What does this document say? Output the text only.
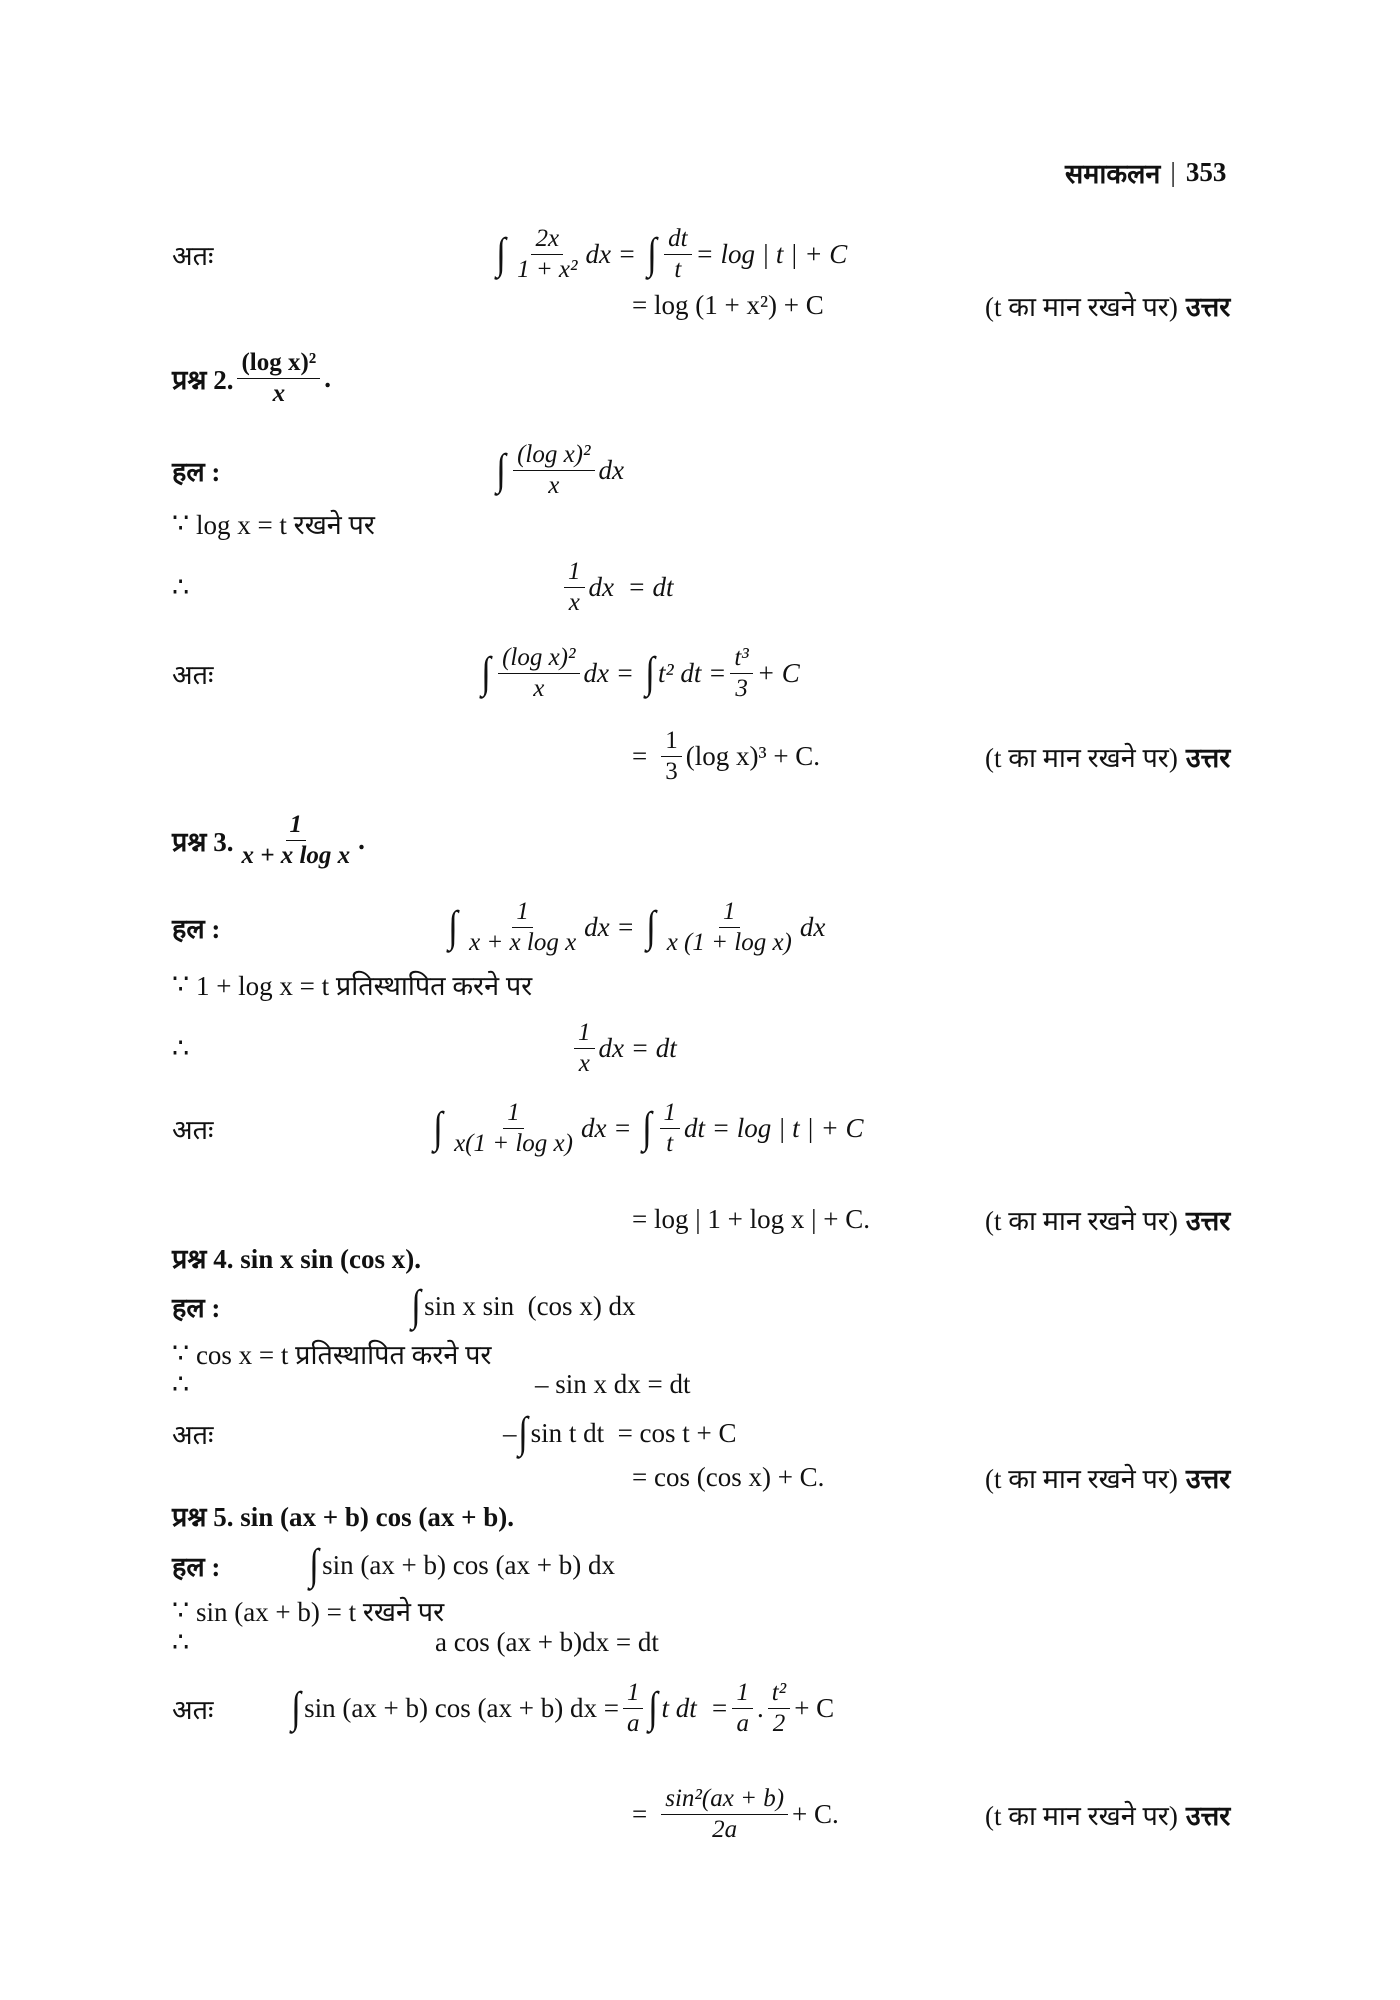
समाकलन | 353
अतः	∫ $\frac{2x}{\text{1 + x²}}$ dx = ∫ $\frac{dt}{t} = \log$ | t | + C
= log (1 + x²) + C	(t का मान रखने पर) उत्तर
प्रश्न 2. $\frac{\text{(log x)²}}{x}$ .
हल :	∫ $\frac{\text{(log x)²}}{x}$ dx
∵
log x = t रखने पर
∴	$\frac{1}{x}$ dx  = dt
अतः	∫ $\frac{\text{(log x)²}}{x}$ dx = ∫ t² dt = $\frac{\text{t³}}{3} + C$
= $\frac{1}{3} (\log$ x)³ + C.	(t का मान रखने पर) उत्तर
प्रश्न 3. $\frac{1}{\text{x + x log x}}$ .
हल :	∫ $\frac{1}{\text{x + x log x}}$ dx = ∫ $\frac{1}{\text{x (1 + log x)}}$ dx
∵
1 + log x = t प्रतिस्थापित करने पर
∴	$\frac{1}{x}$ dx = dt
अतः	∫ $\frac{1}{\text{x(1 + log x)}}$ dx = ∫ $\frac{1}{t}$ dt = log | t | + C
= log | 1 + log x | + C.	(t का मान रखने पर) उत्तर
प्रश्न 4. sin x sin (cos x).
हल :	∫ sin x sin  (cos x) dx
∵
cos x = t प्रतिस्थापित करने पर
∴	– sin x dx = dt
अतः	– ∫ sin t dt  = cos t + C
= cos (cos x) + C.	(t का मान रखने पर) उत्तर
प्रश्न 5. sin (ax + b) cos (ax + b).
हल : ∫ sin (ax + b) cos (ax + b) dx
∵
sin (ax + b) = t रखने पर
∴	a cos (ax + b)dx = dt
अतः ∫ sin (ax + b) cos (ax + b) dx = $\frac{1}{a}$ ∫ t dt  = $\frac{1}{a}$ . $\frac{\text{t²}}{2} + C$
= $\frac{\text{sin²(ax + b)}}{2a} + C$.	(t का मान रखने पर) उत्तर
